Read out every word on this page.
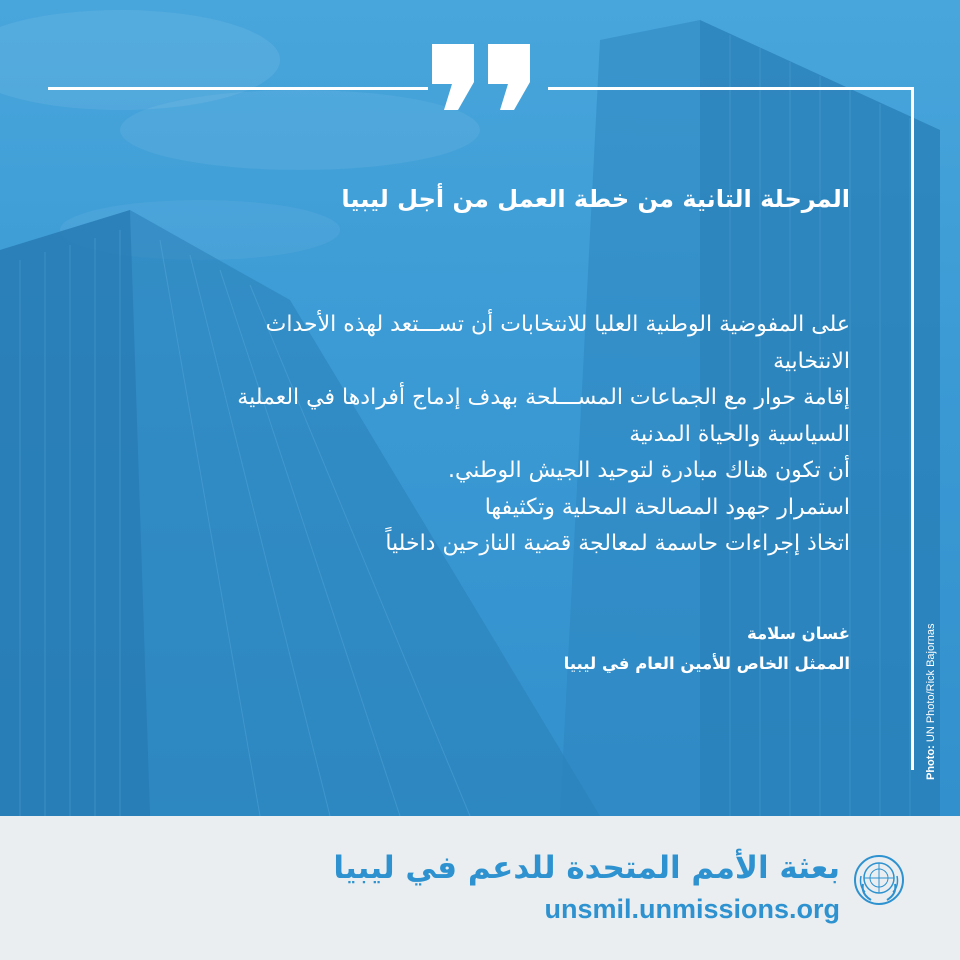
المرحلة التانية من خطة العمل من أجل ليبيا

على المفوضية الوطنية العليا للانتخابات أن تســـتعد لهذه الأحداث
الانتخابية
إقامة حوار مع الجماعات المســـلحة بهدف إدماج أفرادها في العملية
السياسية والحياة المدنية
أن تكون هناك مبادرة لتوحيد الجيش الوطني.
استمرار جهود المصالحة المحلية وتكثيفها
اتخاذ إجراءات حاسمة لمعالجة قضية النازحين داخلياً
غسان سلامة
الممثل الخاص للأمين العام في ليبيا
Photo: UN Photo/Rick Bajornas
بعثة الأمم المتحدة للدعم في ليبيا
unsmil.unmissions.org
